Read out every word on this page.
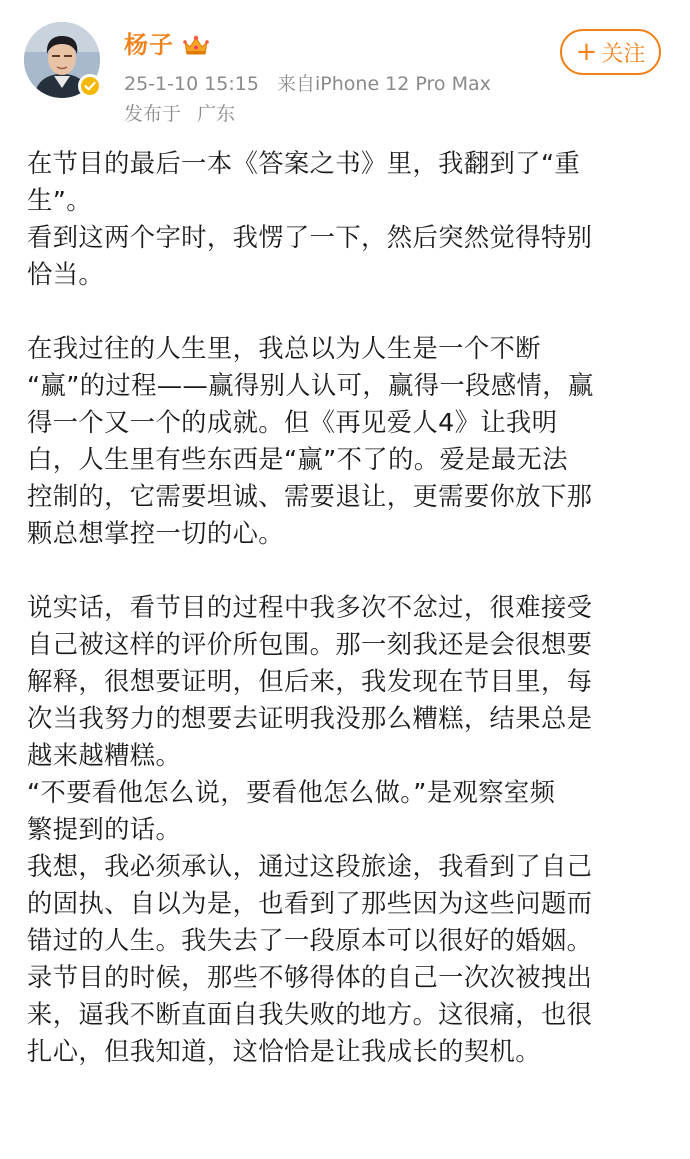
杨子
25-1-10 15:15 来自iPhone 12 Pro Max
发布于 广东
+ 关注

在节目的最后一本《答案之书》里，我翻到了“重

生”。

看到这两个字时，我愣了一下，然后突然觉得特别

恰当。

在我过往的人生里，我总以为人生是一个不断

“赢”的过程——赢得别人认可，赢得一段感情，赢

得一个又一个的成就。但《再见爱人4》让我明

白，人生里有些东西是“赢”不了的。爱是最无法

控制的，它需要坦诚、需要退让，更需要你放下那

颗总想掌控一切的心。

说实话，看节目的过程中我多次不忿过，很难接受

自己被这样的评价所包围。那一刻我还是会很想要

解释，很想要证明，但后来，我发现在节目里，每

次当我努力的想要去证明我没那么糟糕，结果总是

越来越糟糕。

“不要看他怎么说，要看他怎么做。”是观察室频

繁提到的话。

我想，我必须承认，通过这段旅途，我看到了自己

的固执、自以为是，也看到了那些因为这些问题而

错过的人生。我失去了一段原本可以很好的婚姻。

录节目的时候，那些不够得体的自己一次次被拽出

来，逼我不断直面自我失败的地方。这很痛，也很

扎心，但我知道，这恰恰是让我成长的契机。
